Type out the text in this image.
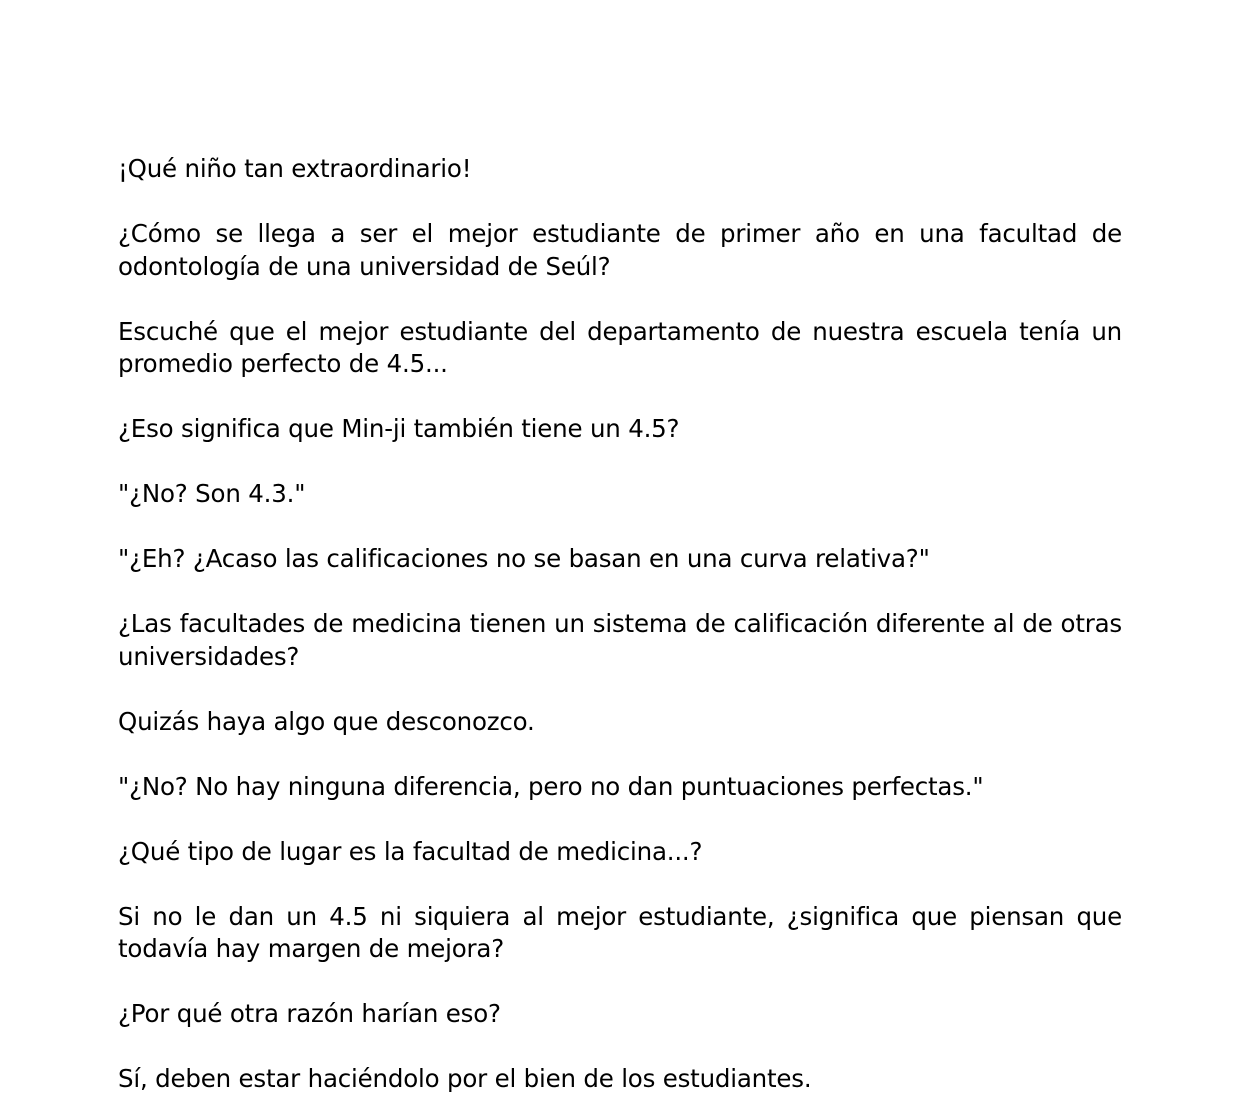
¡Qué niño tan extraordinario!

¿Cómo se llega a ser el mejor estudiante de primer año en una facultad de odontología de una universidad de Seúl?

Escuché que el mejor estudiante del departamento de nuestra escuela tenía un promedio perfecto de 4.5...

¿Eso significa que Min-ji también tiene un 4.5?

"¿No? Son 4.3."

"¿Eh? ¿Acaso las calificaciones no se basan en una curva relativa?"

¿Las facultades de medicina tienen un sistema de calificación diferente al de otras universidades?

Quizás haya algo que desconozco.

"¿No? No hay ninguna diferencia, pero no dan puntuaciones perfectas."

¿Qué tipo de lugar es la facultad de medicina...?

Si no le dan un 4.5 ni siquiera al mejor estudiante, ¿significa que piensan que todavía hay margen de mejora?

¿Por qué otra razón harían eso?

Sí, deben estar haciéndolo por el bien de los estudiantes.
